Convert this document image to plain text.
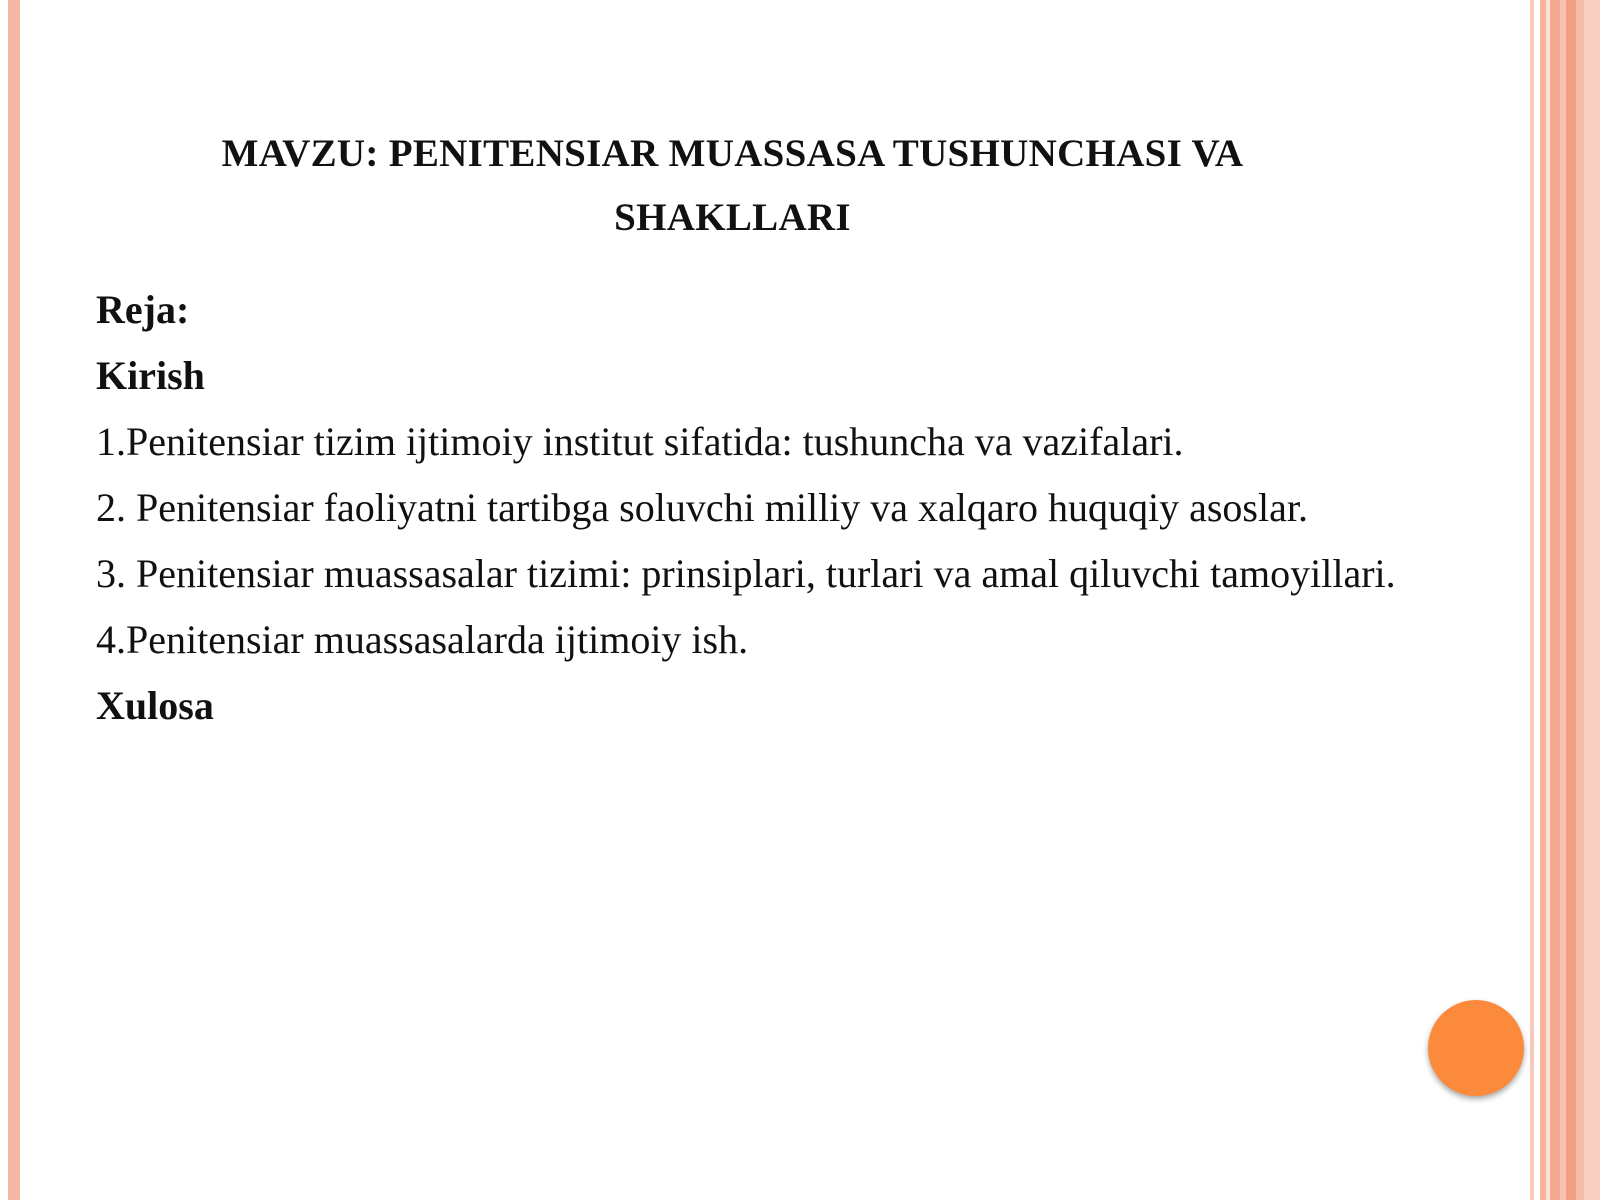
MAVZU: PENITENSIAR MUASSASA TUSHUNCHASI VA SHAKLLARI
Reja:
Kirish
1.Penitensiar tizim ijtimoiy institut sifatida: tushuncha va vazifalari.
2. Penitensiar faoliyatni tartibga soluvchi milliy va xalqaro huquqiy asoslar.
3. Penitensiar muassasalar tizimi: prinsiplari, turlari va amal qiluvchi tamoyillari.
4.Penitensiar muassasalarda ijtimoiy ish.
Xulosa
